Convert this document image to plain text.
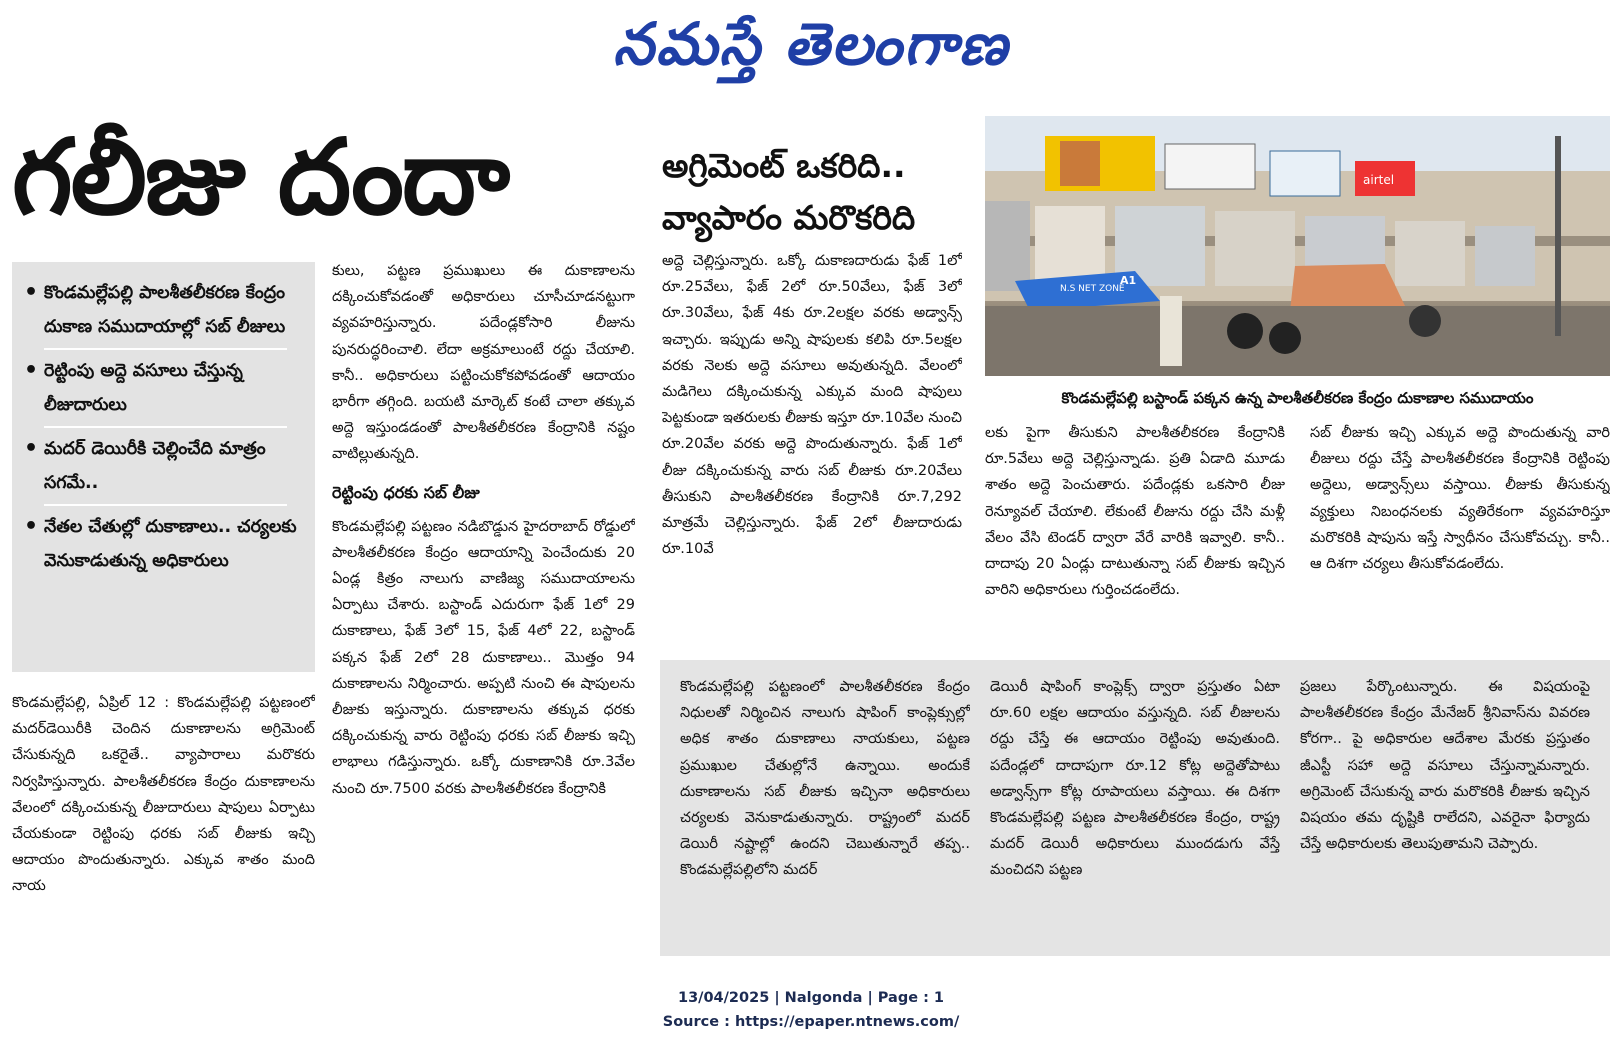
నమస్తే తెలంగాణ
గలీజు దందా	అగ్రిమెంట్ ఒకరిది.. వ్యాపారం మరొకరిది
N.S NET ZONE
A1
airtel
కొండమల్లేపల్లి బస్టాండ్ పక్కన ఉన్న పాలశీతలీకరణ కేంద్రం దుకాణాల సముదాయం
• కొండమల్లేపల్లి పాలశీతలీకరణ కేంద్రం దుకాణ సముదాయాల్లో సబ్ లీజులు
• రెట్టింపు అద్దె వసూలు చేస్తున్న లీజుదారులు
• మదర్ డెయిరీకి చెల్లించేది మాత్రం సగమే..
• నేతల చేతుల్లో దుకాణాలు.. చర్యలకు వెనుకాడుతున్న అధికారులు
కొండమల్లేపల్లి, ఏప్రిల్ 12 : కొండమల్లేపల్లి పట్టణంలో మదర్‌డెయిరీకి చెందిన దుకాణాలను అగ్రిమెంట్ చేసుకున్నది ఒకరైతే.. వ్యాపారాలు మరొకరు నిర్వహిస్తున్నారు. పాలశీతలీకరణ కేంద్రం దుకాణాలను వేలంలో దక్కించుకున్న లీజుదారులు షాపులు ఏర్పాటు చేయకుండా రెట్టింపు ధరకు సబ్ లీజుకు ఇచ్చి ఆదాయం పొందుతున్నారు. ఎక్కువ శాతం మంది నాయ
కులు, పట్టణ ప్రముఖులు ఈ దుకాణాలను దక్కించుకోవడంతో అధికారులు చూసీచూడనట్టుగా వ్యవహరిస్తున్నారు. పదేండ్లకోసారి లీజును పునరుద్ధరించాలి. లేదా అక్రమాలుంటే రద్దు చేయాలి. కానీ.. అధికారులు పట్టించుకోకపోవడంతో ఆదాయం భారీగా తగ్గింది. బయటి మార్కెట్ కంటే చాలా తక్కువ అద్దె ఇస్తుండడంతో పాలశీతలీకరణ కేంద్రానికి నష్టం వాటిల్లుతున్నది.
రెట్టింపు ధరకు సబ్ లీజు
కొండమల్లేపల్లి పట్టణం నడిబొడ్డున హైదరాబాద్ రోడ్డులో పాలశీతలీకరణ కేంద్రం ఆదాయాన్ని పెంచేందుకు 20 ఏండ్ల కిత్రం నాలుగు వాణిజ్య సముదాయాలను ఏర్పాటు చేశారు. బస్టాండ్ ఎదురుగా ఫేజ్ 1లో 29 దుకాణాలు, ఫేజ్ 3లో 15, ఫేజ్ 4లో 22, బస్టాండ్ పక్కన ఫేజ్ 2లో 28 దుకాణాలు.. మొత్తం 94 దుకాణాలను నిర్మించారు. అప్పటి నుంచి ఈ షాపులను లీజుకు ఇస్తున్నారు. దుకాణాలను తక్కువ ధరకు దక్కించుకున్న వారు రెట్టింపు ధరకు సబ్ లీజుకు ఇచ్చి లాభాలు గడిస్తున్నారు. ఒక్కో దుకాణానికి రూ.3వేల నుంచి రూ.7500 వరకు పాలశీతలీకరణ కేంద్రానికి
అద్దె చెల్లిస్తున్నారు. ఒక్కో దుకాణదారుడు ఫేజ్ 1లో రూ.25వేలు, ఫేజ్ 2లో రూ.50వేలు, ఫేజ్ 3లో రూ.30వేలు, ఫేజ్ 4కు రూ.2లక్షల వరకు అడ్వాన్స్ ఇచ్చారు. ఇప్పుడు అన్ని షాపులకు కలిపి రూ.5లక్షల వరకు నెలకు అద్దె వసూలు అవుతున్నది. వేలంలో మడిగెలు దక్కించుకున్న ఎక్కువ మంది షాపులు పెట్టకుండా ఇతరులకు లీజుకు ఇస్తూ రూ.10వేల నుంచి రూ.20వేల వరకు అద్దె పొందుతున్నారు. ఫేజ్ 1లో లీజు దక్కించుకున్న వారు సబ్ లీజుకు రూ.20వేలు తీసుకుని పాలశీతలీకరణ కేంద్రానికి రూ.7,292 మాత్రమే చెల్లిస్తున్నారు. ఫేజ్ 2లో లీజుదారుడు రూ.10వే
లకు పైగా తీసుకుని పాలశీతలీకరణ కేంద్రానికి రూ.5వేలు అద్దె చెల్లిస్తున్నాడు. ప్రతి ఏడాది మూడు శాతం అద్దె పెంచుతారు. పదేండ్లకు ఒకసారి లీజు రెన్యూవల్ చేయాలి. లేకుంటే లీజును రద్దు చేసి మళ్లీ వేలం వేసి టెండర్ ద్వారా వేరే వారికి ఇవ్వాలి. కానీ.. దాదాపు 20 ఏండ్లు దాటుతున్నా సబ్ లీజుకు ఇచ్చిన వారిని అధికారులు గుర్తించడంలేదు.
సబ్ లీజుకు ఇచ్చి ఎక్కువ అద్దె పొందుతున్న వారి లీజులు రద్దు చేస్తే పాలశీతలీకరణ కేంద్రానికి రెట్టింపు అద్దెలు, అడ్వాన్స్‌లు వస్తాయి. లీజుకు తీసుకున్న వ్యక్తులు నిబంధనలకు వ్యతిరేకంగా వ్యవహరిస్తూ మరొకరికి షాపును ఇస్తే స్వాధీనం చేసుకోవచ్చు. కానీ.. ఆ దిశగా చర్యలు తీసుకోవడంలేదు.
కొండమల్లేపల్లి పట్టణంలో పాలశీతలీకరణ కేంద్రం నిధులతో నిర్మించిన నాలుగు షాపింగ్ కాంప్లెక్సుల్లో అధిక శాతం దుకాణాలు నాయకులు, పట్టణ ప్రముఖుల చేతుల్లోనే ఉన్నాయి. అందుకే దుకాణాలను సబ్ లీజుకు ఇచ్చినా అధికారులు చర్యలకు వెనుకాడుతున్నారు. రాష్ట్రంలో మదర్ డెయిరీ నష్టాల్లో ఉందని చెబుతున్నారే తప్ప.. కొండమల్లేపల్లిలోని మదర్
డెయిరీ షాపింగ్ కాంప్లెక్స్ ద్వారా ప్రస్తుతం ఏటా రూ.60 లక్షల ఆదాయం వస్తున్నది. సబ్ లీజులను రద్దు చేస్తే ఈ ఆదాయం రెట్టింపు అవుతుంది. పదేండ్లలో దాదాపుగా రూ.12 కోట్ల అద్దెతోపాటు అడ్వాన్స్‌గా కోట్ల రూపాయలు వస్తాయి. ఈ దిశగా కొండమల్లేపల్లి పట్టణ పాలశీతలీకరణ కేంద్రం, రాష్ట్ర మదర్ డెయిరీ అధికారులు ముందడుగు వేస్తే మంచిదని పట్టణ
ప్రజలు పేర్కొంటున్నారు. ఈ విషయంపై పాలశీతలీకరణ కేంద్రం మేనేజర్ శ్రీనివాస్‌ను వివరణ కోరగా.. పై అధికారుల ఆదేశాల మేరకు ప్రస్తుతం జీఎస్టీ సహా అద్దె వసూలు చేస్తున్నామన్నారు. అగ్రిమెంట్ చేసుకున్న వారు మరొకరికి లీజుకు ఇచ్చిన విషయం తమ దృష్టికి రాలేదని, ఎవరైనా ఫిర్యాదు చేస్తే అధికారులకు తెలుపుతామని చెప్పారు.
13/04/2025 | Nalgonda | Page : 1
Source : https://epaper.ntnews.com/
